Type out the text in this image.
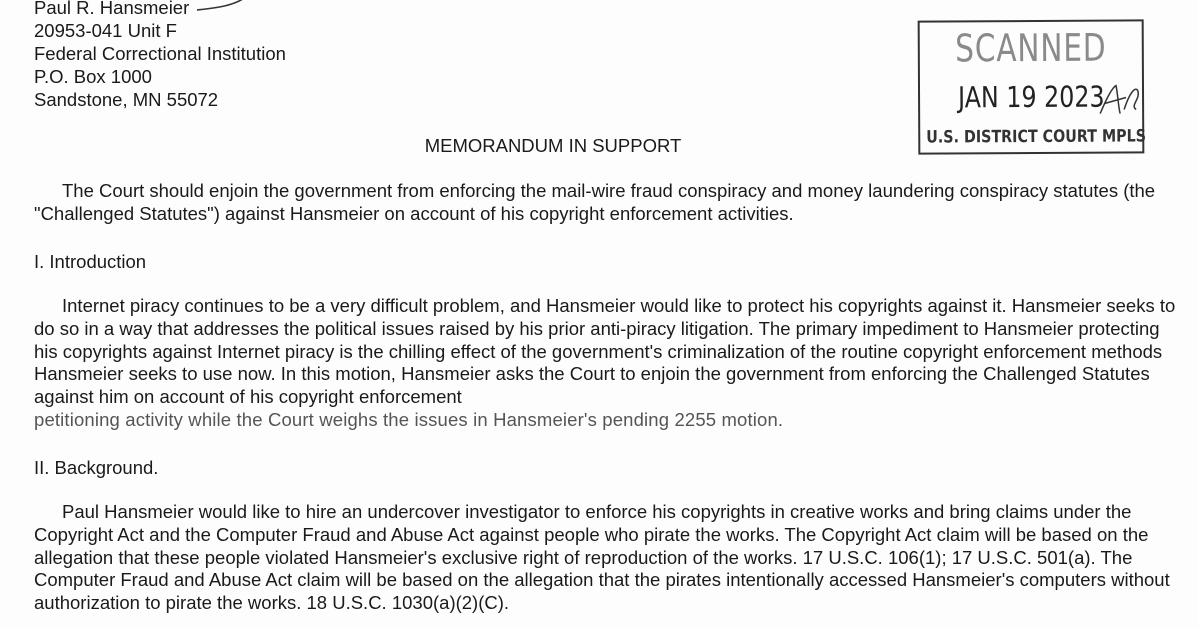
Paul R. Hansmeier
20953-041 Unit F
Federal Correctional Institution
P.O. Box 1000
Sandstone, MN 55072
SCANNED
JAN 19 2023
U.S. DISTRICT COURT MPLS
MEMORANDUM IN SUPPORT

The Court should enjoin the government from enforcing the mail-wire fraud conspiracy and money laundering conspiracy statutes (the "Challenged Statutes") against Hansmeier on account of his copyright enforcement activities.

I. Introduction

Internet piracy continues to be a very difficult problem, and Hansmeier would like to protect his copyrights against it. Hansmeier seeks to do so in a way that addresses the political issues raised by his prior anti-piracy litigation. The primary impediment to Hansmeier protecting his copyrights against Internet piracy is the chilling effect of the government's criminalization of the routine copyright enforcement methods Hansmeier seeks to use now. In this motion, Hansmeier asks the Court to enjoin the government from enforcing the Challenged Statutes against him on account of his copyright enforcement

petitioning activity while the Court weighs the issues in Hansmeier's pending 2255 motion.

II. Background.

Paul Hansmeier would like to hire an undercover investigator to enforce his copyrights in creative works and bring claims under the Copyright Act and the Computer Fraud and Abuse Act against people who pirate the works. The Copyright Act claim will be based on the allegation that these people violated Hansmeier's exclusive right of reproduction of the works. 17 U.S.C. 106(1); 17 U.S.C. 501(a). The Computer Fraud and Abuse Act claim will be based on the allegation that the pirates intentionally accessed Hansmeier's computers without authorization to pirate the works. 18 U.S.C. 1030(a)(2)(C).
